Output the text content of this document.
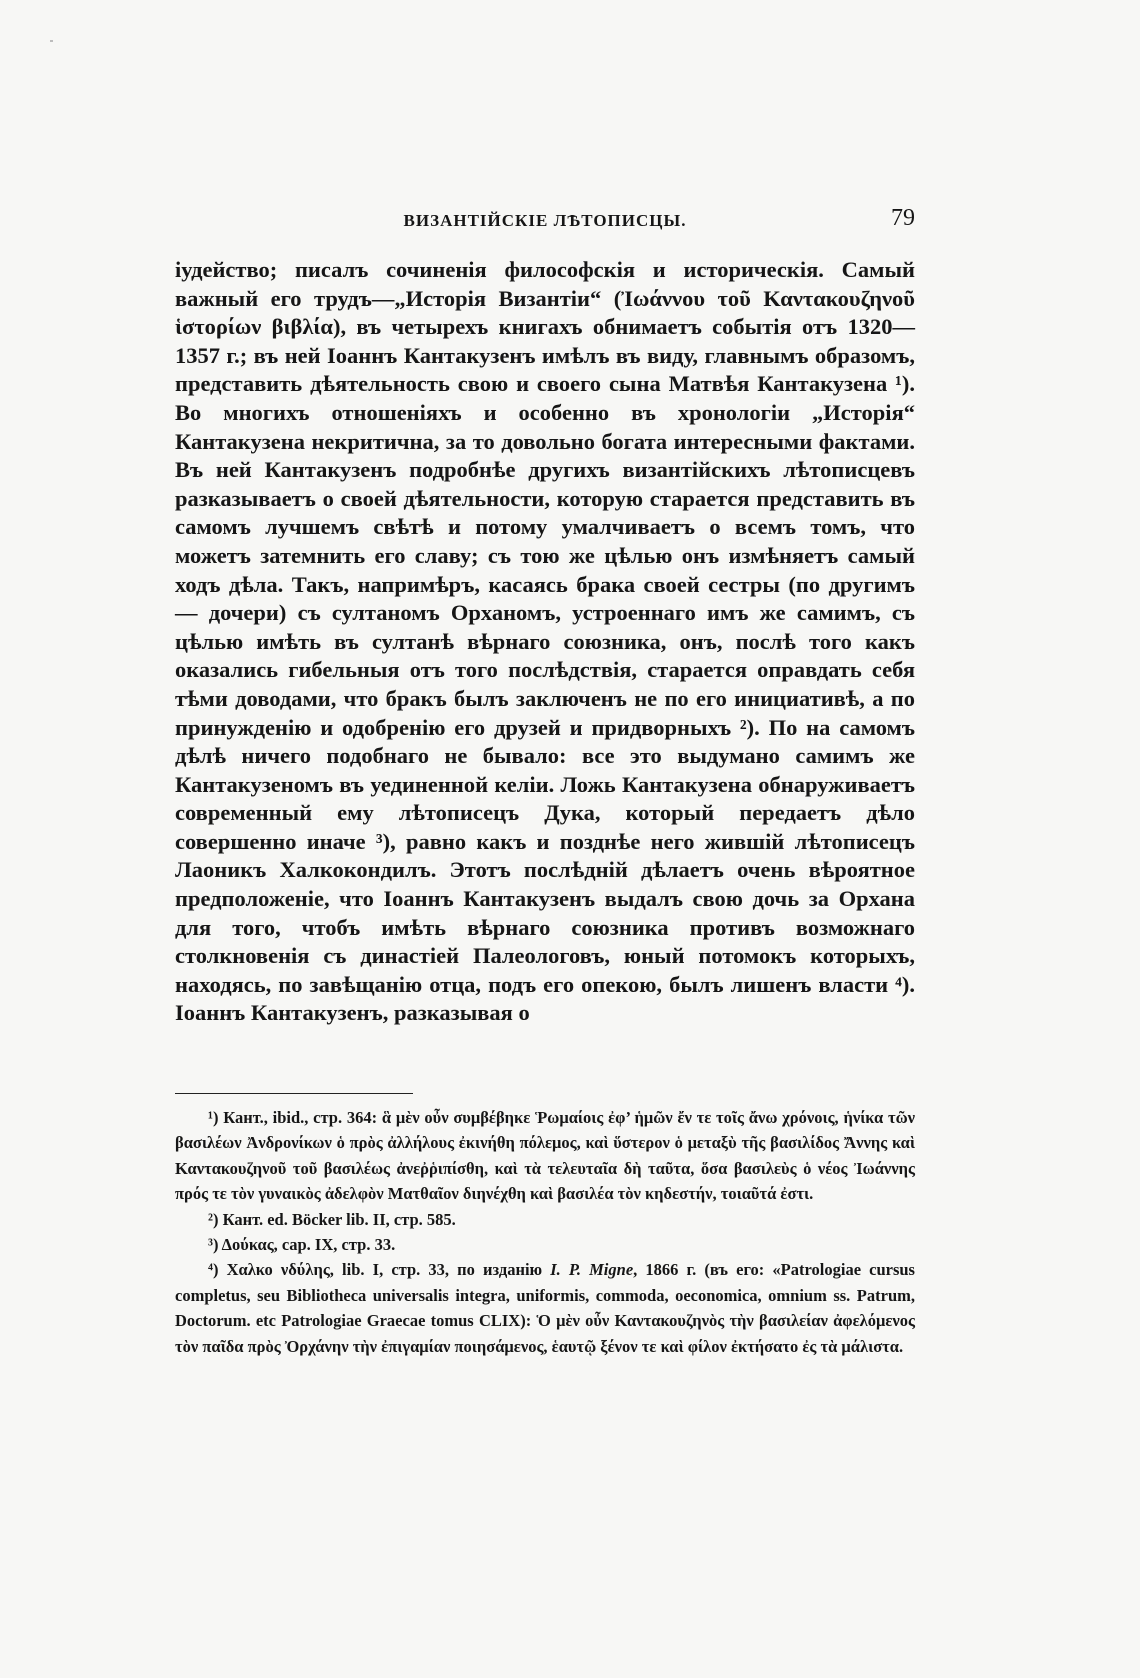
ВИЗАНТІЙСКІЕ ЛѢТОПИСЦЫ.	79

іудейство; писалъ сочиненія философскія и историческія. Самый важный его трудъ—„Исторія Византіи“ (Ἰωάννου τοῦ Καντακουζηνοῦ ἱστορίων βιβλία), въ четырехъ книгахъ обнимаетъ событія отъ 1320—1357 г.; въ ней Іоаннъ Кантакузенъ имѣлъ въ виду, главнымъ образомъ, представить дѣятельность свою и своего сына Матвѣя Кантакузена ¹). Во многихъ отношеніяхъ и особенно въ хронологіи „Исторія“ Кантакузена некритична, за то довольно богата интересными фактами. Въ ней Кантакузенъ подробнѣе другихъ византійскихъ лѣтописцевъ разказываетъ о своей дѣятельности, которую старается представить въ самомъ лучшемъ свѣтѣ и потому умалчиваетъ о всемъ томъ, что можетъ затемнить его славу; съ тою же цѣлью онъ измѣняетъ самый ходъ дѣла. Такъ, напримѣръ, касаясь брака своей сестры (по другимъ — дочери) съ султаномъ Орханомъ, устроеннаго имъ же самимъ, съ цѣлью имѣть въ султанѣ вѣрнаго союзника, онъ, послѣ того какъ оказались гибельныя отъ того послѣдствія, старается оправдать себя тѣми доводами, что бракъ былъ заключенъ не по его инициативѣ, а по принужденію и одобренію его друзей и придворныхъ ²). По на самомъ дѣлѣ ничего подобнаго не бывало: все это выдумано самимъ же Кантакузеномъ въ уединенной келіи. Ложь Кантакузена обнаруживаетъ современный ему лѣтописецъ Дука, который передаетъ дѣло совершенно иначе ³), равно какъ и позднѣе него жившій лѣтописецъ Лаоникъ Халкокондилъ. Этотъ послѣдній дѣлаетъ очень вѣроятное предположеніе, что Іоаннъ Кантакузенъ выдалъ свою дочь за Орхана для того, чтобъ имѣть вѣрнаго союзника противъ возможнаго столкновенія съ династіей Палеологовъ, юный потомокъ которыхъ, находясь, по завѣщанію отца, подъ его опекою, былъ лишенъ власти ⁴). Іоаннъ Кантакузенъ, разказывая о

¹) Кант., ibid., стр. 364: ἃ μὲν οὖν συμβέβηκε Ῥωμαίοις ἐφ’ ἡμῶν ἔν τε τοῖς ἄνω χρόνοις, ἡνίκα τῶν βασιλέων Ἀνδρονίκων ὁ πρὸς ἀλλήλους ἐκινήθη πόλεμος, καὶ ὕστερον ὁ μεταξὺ τῆς βασιλίδος Ἄννης καὶ Καντακουζηνοῦ τοῦ βασιλέως ἀνεῤῥιπίσθη, καὶ τὰ τελευταῖα δὴ ταῦτα, ὅσα βασιλεὺς ὁ νέος Ἰωάννης πρός τε τὸν γυναικὸς ἀδελφὸν Ματθαῖον διηνέχθη καὶ βασιλέα τὸν κηδεστήν, τοιαῦτά ἐστι.

²) Кант. ed. Böcker lib. II, стр. 585.

³) Δούκας, cap. IX, стр. 33.

⁴) Χαλκο νδύλης, lib. I, стр. 33, по изданію I. P. Migne, 1866 г. (въ его: «Patrologiae cursus completus, seu Bibliotheca universalis integra, uniformis, commoda, oeconomica, omnium ss. Patrum, Doctorum. etc Patrologiae Graecae tomus CLIX): Ὁ μὲν οὖν Καντακουζηνὸς τὴν βασιλείαν ἀφελόμενος τὸν παῖδα πρὸς Ὀρχάνην τὴν ἐπιγαμίαν ποιησάμενος, ἑαυτῷ ξένον τε καὶ φίλον ἐκτήσατο ἐς τὰ μάλιστα.
